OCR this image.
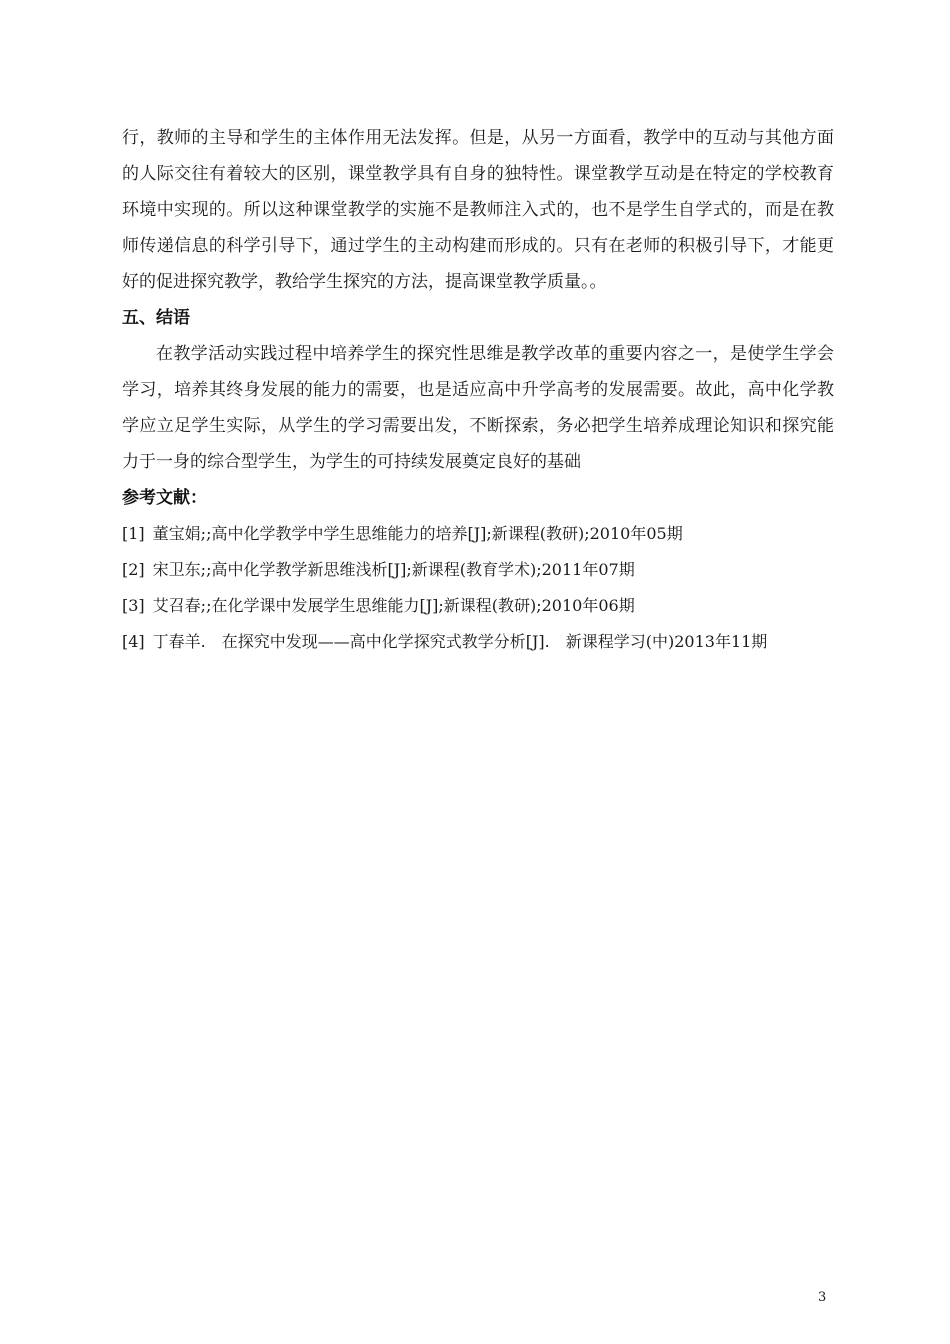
行，教师的主导和学生的主体作用无法发挥。但是，从另一方面看，教学中的互动与其他方面的人际交往有着较大的区别，课堂教学具有自身的独特性。课堂教学互动是在特定的学校教育环境中实现的。所以这种课堂教学的实施不是教师注入式的，也不是学生自学式的，而是在教师传递信息的科学引导下，通过学生的主动构建而形成的。只有在老师的积极引导下，才能更好的促进探究教学，教给学生探究的方法，提高课堂教学质量。。

五、结语

在教学活动实践过程中培养学生的探究性思维是教学改革的重要内容之一，是使学生学会学习，培养其终身发展的能力的需要，也是适应高中升学高考的发展需要。故此，高中化学教学应立足学生实际，从学生的学习需要出发，不断探索，务必把学生培养成理论知识和探究能力于一身的综合型学生，为学生的可持续发展奠定良好的基础

参考文献：
[1] 董宝娟;;高中化学教学中学生思维能力的培养[J];新课程(教研);2010年05期
[2] 宋卫东;;高中化学教学新思维浅析[J];新课程(教育学术);2011年07期
[3] 艾召春;;在化学课中发展学生思维能力[J];新课程(教研);2010年06期
[4] 丁春羊.　在探究中发现——高中化学探究式教学分析[J].　新课程学习(中)2013年11期
3
